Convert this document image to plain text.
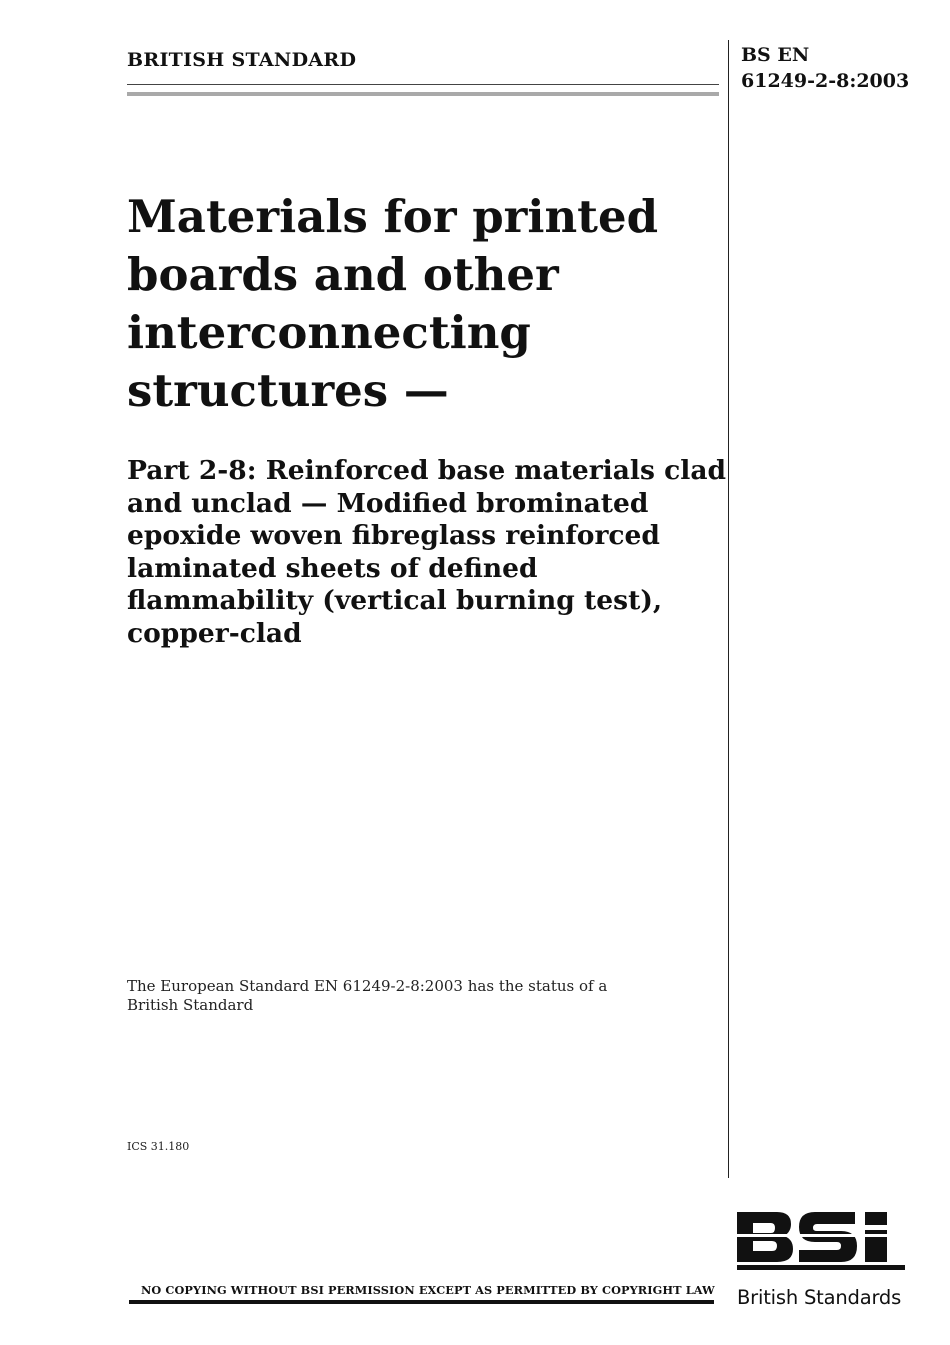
BRITISH STANDARD	BS EN
61249-2-8:2003
Materials for printed
boards and other
interconnecting
structures —
Part 2-8: Reinforced base materials clad
and unclad — Modified brominated
epoxide woven fibreglass reinforced
laminated sheets of defined
flammability (vertical burning test),
copper-clad
The European Standard EN 61249-2-8:2003 has the status of a
British Standard
ICS 31.180
NO COPYING WITHOUT BSI PERMISSION EXCEPT AS PERMITTED BY COPYRIGHT LAW British Standards
